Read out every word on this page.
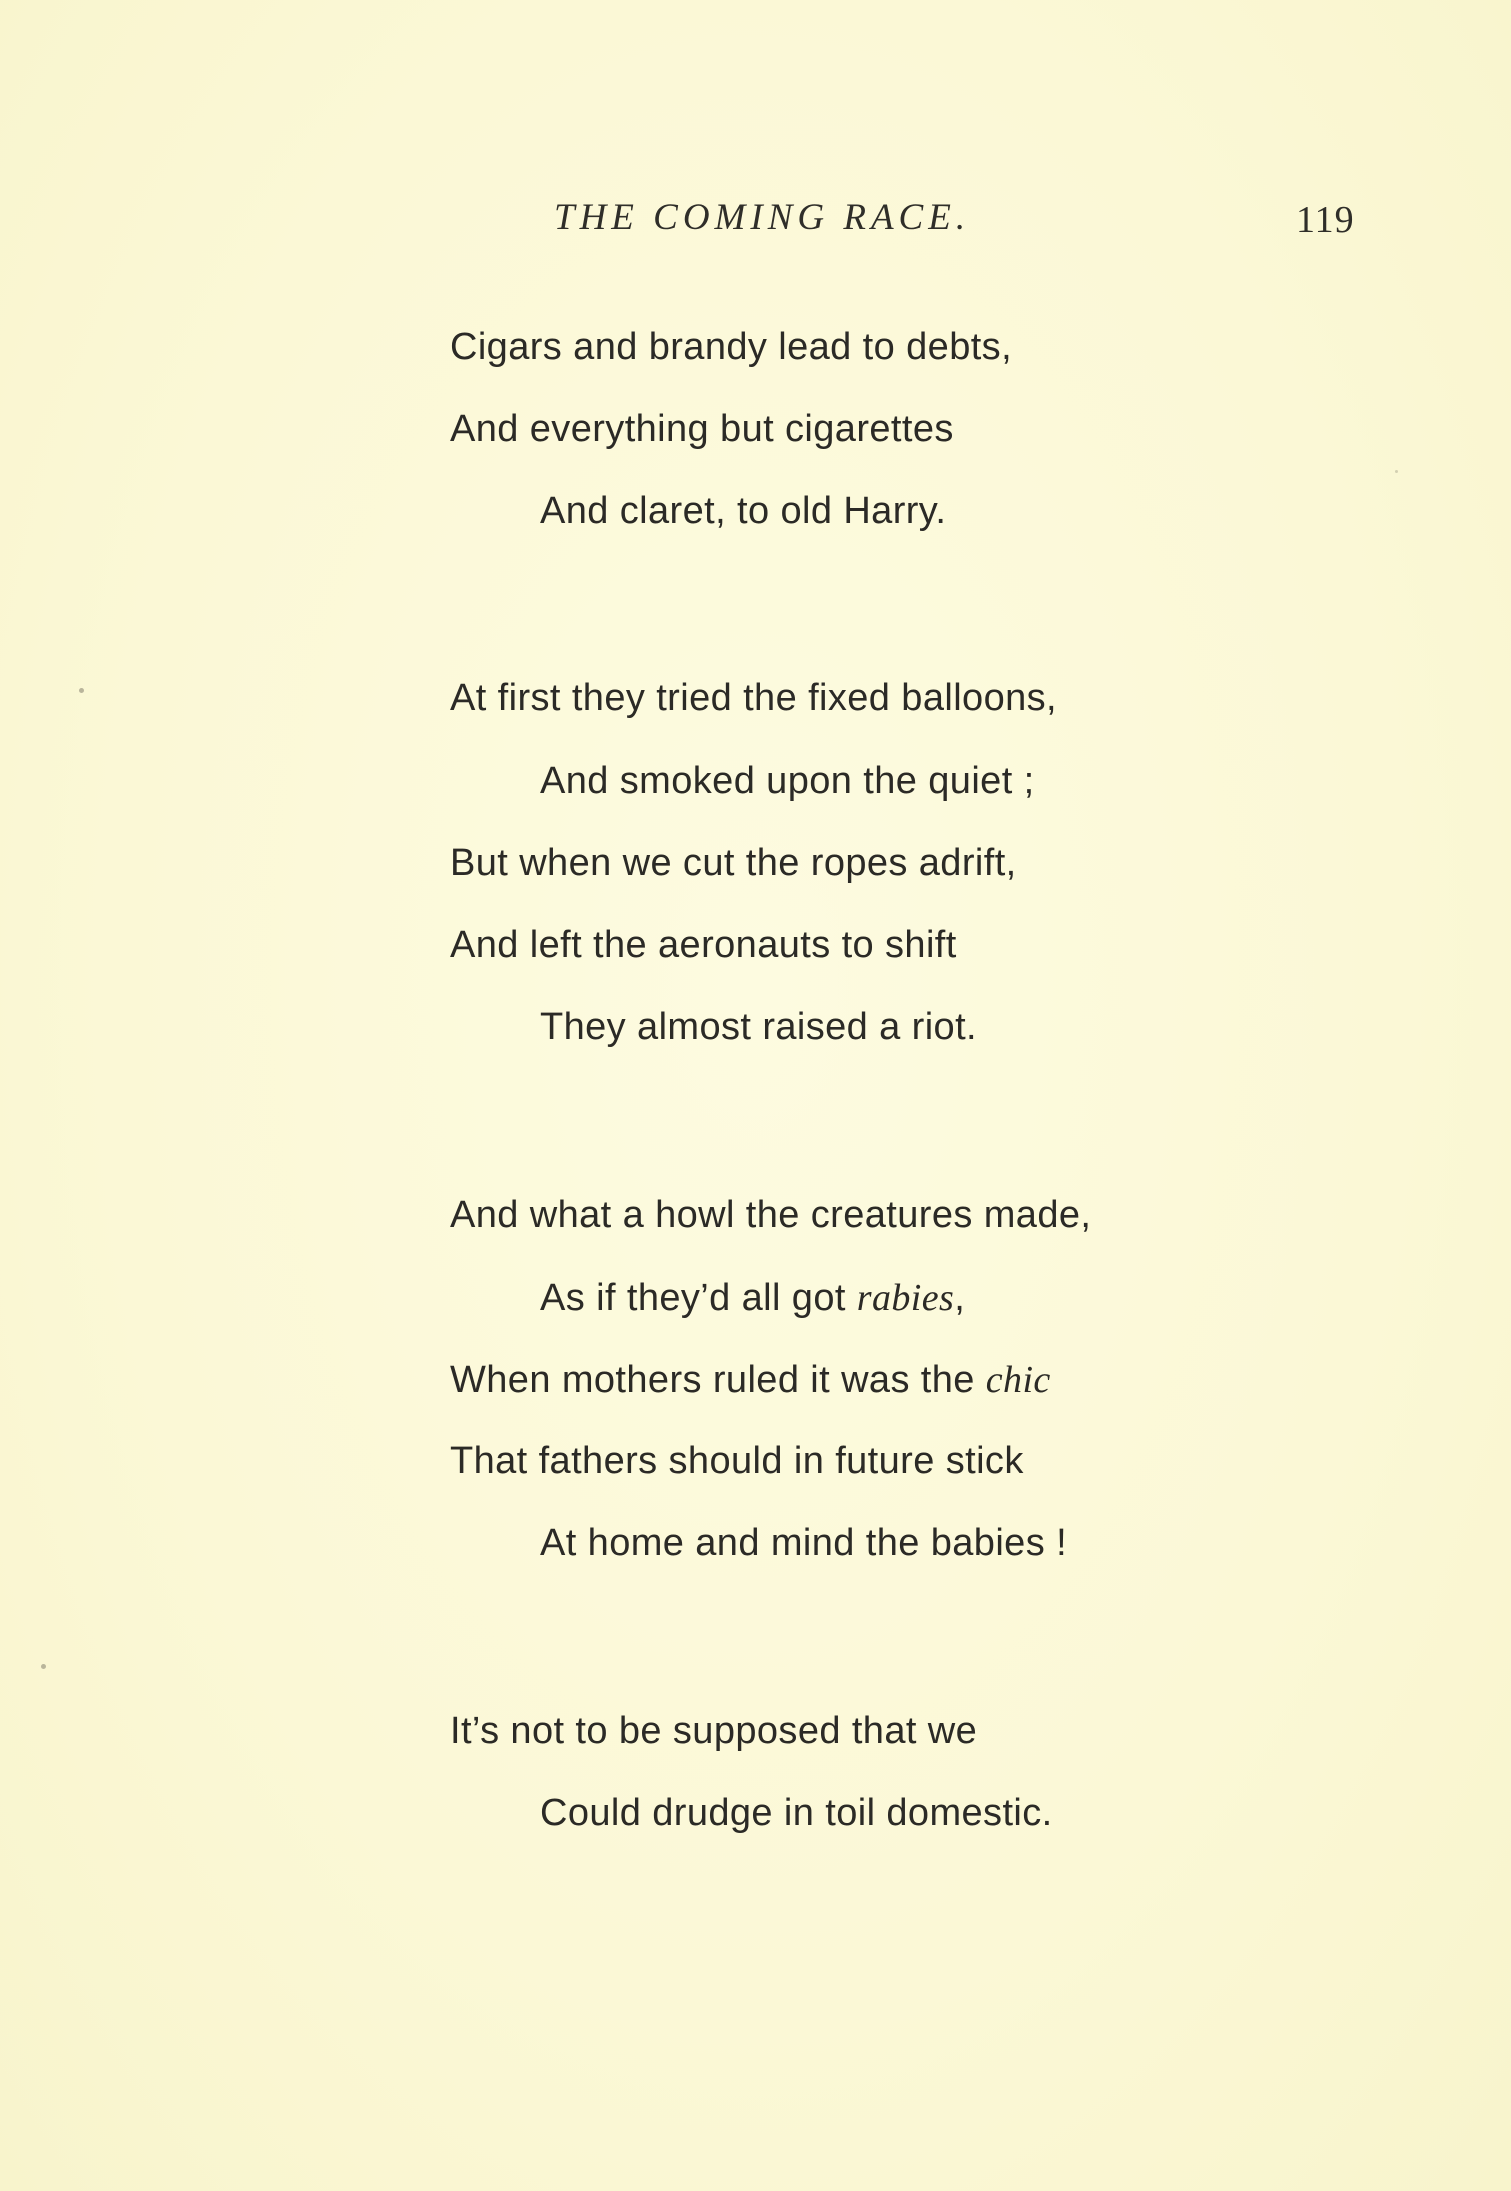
THE COMING RACE.	119
Cigars and brandy lead to debts,
And everything but cigarettes
And claret, to old Harry.
At first they tried the fixed balloons,
And smoked upon the quiet ;
But when we cut the ropes adrift,
And left the aeronauts to shift
They almost raised a riot.
And what a howl the creatures made,
As if they’d all got rabies,
When mothers ruled it was the chic
That fathers should in future stick
At home and mind the babies !
It’s not to be supposed that we
Could drudge in toil domestic.
